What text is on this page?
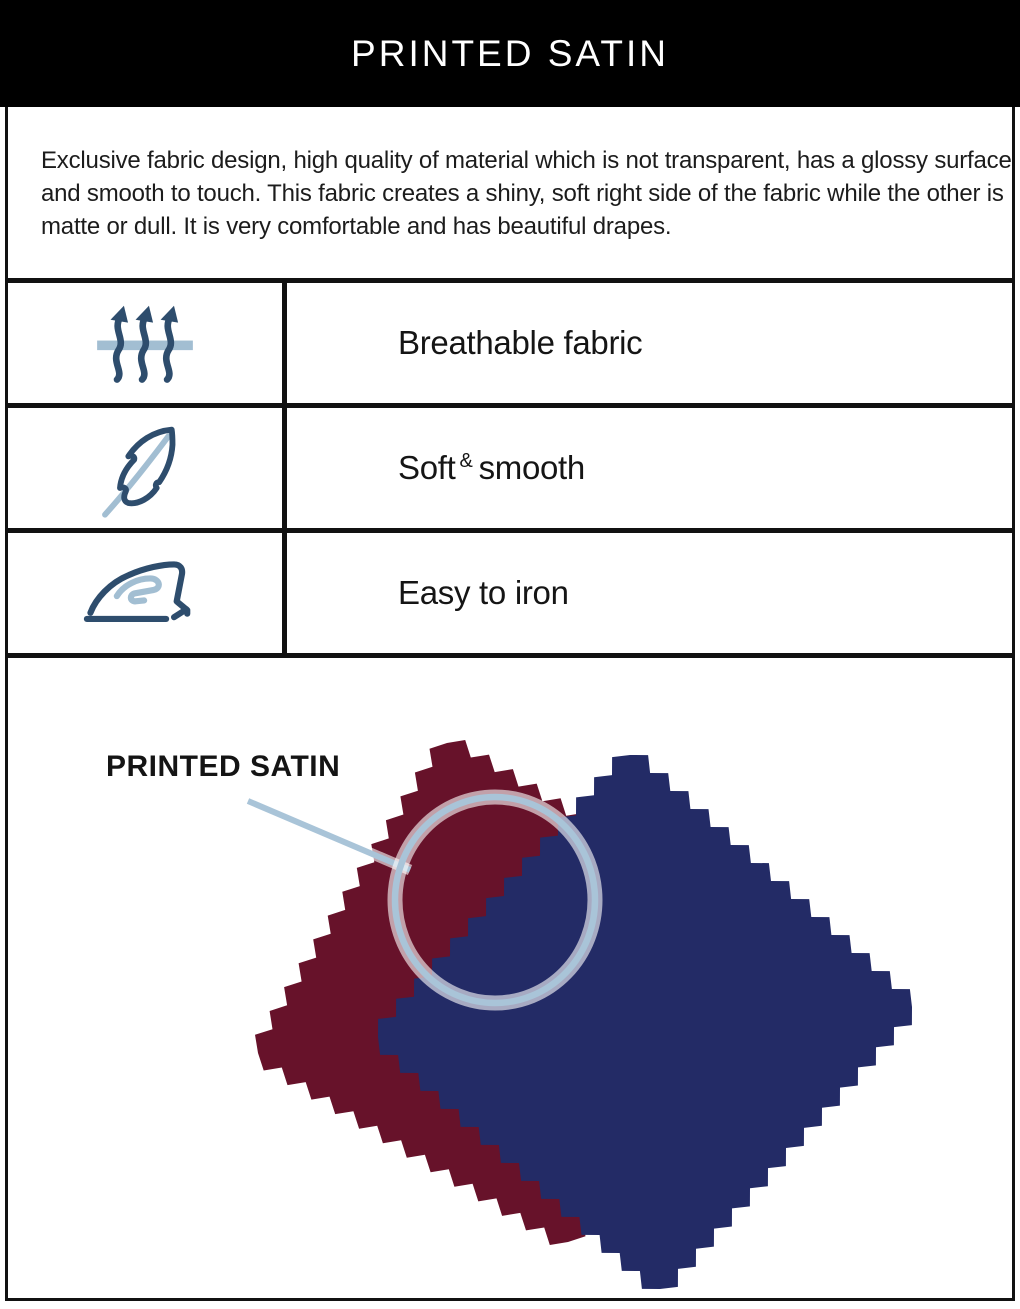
PRINTED SATIN
Exclusive fabric design, high quality of material which is not transparent, has a glossy surface
and smooth to touch. This fabric creates a shiny, soft right side of the fabric while the other is
matte or dull. It is very comfortable and has beautiful drapes.
Breathable fabric
Soft & smooth
Easy to iron
PRINTED SATIN
